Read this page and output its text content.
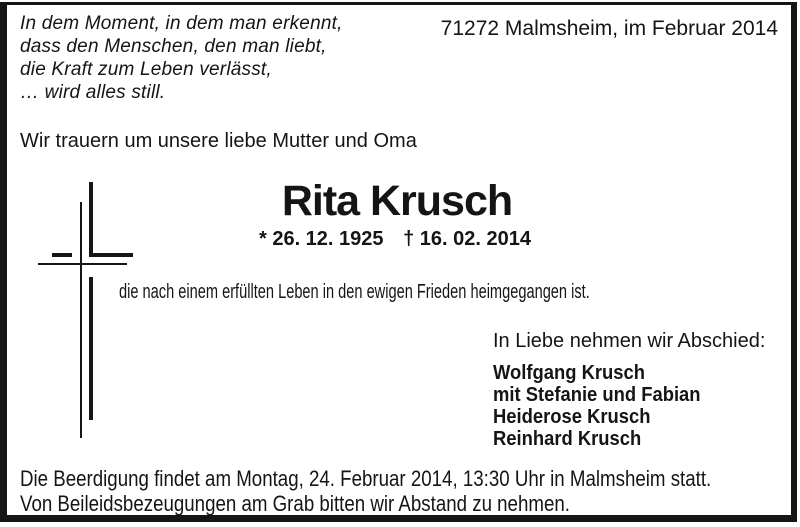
In dem Moment, in dem man erkennt,
dass den Menschen, den man liebt,
die Kraft zum Leben verlässt,
… wird alles still.
71272 Malmsheim, im Februar 2014
Wir trauern um unsere liebe Mutter und Oma
Rita Krusch
* 26. 12. 1925 † 16. 02. 2014
die nach einem erfüllten Leben in den ewigen Frieden heimgegangen ist.
In Liebe nehmen wir Abschied:
Wolfgang Krusch
mit Stefanie und Fabian
Heiderose Krusch
Reinhard Krusch
Die Beerdigung findet am Montag, 24. Februar 2014, 13:30 Uhr in Malmsheim statt.
Von Beileidsbezeugungen am Grab bitten wir Abstand zu nehmen.
